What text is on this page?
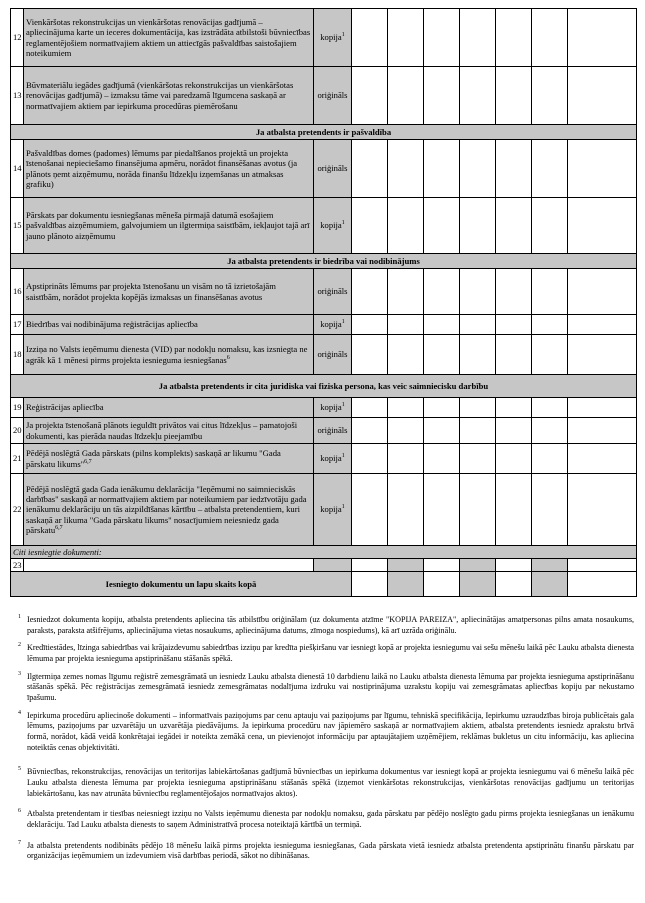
12	Vienkāršotas rekonstrukcijas un vienkāršotas renovācijas gadījumā – apliecinājuma karte un ieceres dokumentācija, kas izstrādāta atbilstoši būvniecības reglamentējošiem normatīvajiem aktiem un attiecīgās pašvaldības saistošajiem noteikumiem	kopija$^1$							
13	Būvmateriālu iegādes gadījumā (vienkāršotas rekonstrukcijas un vienkāršotas renovācijas gadījumā) – izmaksu tāme vai paredzamā līgumcena saskaņā ar normatīvajiem aktiem par iepirkuma procedūras piemērošanu	oriģināls							
Ja atbalsta pretendents ir pašvaldība									
14	Pašvaldības domes (padomes) lēmums par piedalīšanos projektā un projekta īstenošanai nepieciešamo finansējuma apmēru, norādot finansēšanas avotus (ja plānots ņemt aizņēmumu, norāda finanšu līdzekļu izņemšanas un atmaksas grafiku)	oriģināls							
15	Pārskats par dokumentu iesniegšanas mēneša pirmajā datumā esošajiem pašvaldības aizņēmumiem, galvojumiem un ilgtermiņa saistībām, iekļaujot tajā arī jauno plānoto aizņēmumu	kopija$^1$							
Ja atbalsta pretendents ir biedrība vai nodibinājums									
16	Apstiprināts lēmums par projekta īstenošanu un visām no tā izrietošajām saistībām, norādot projekta kopējās izmaksas un finansēšanas avotus	oriģināls							
17	Biedrības vai nodibinājuma reģistrācijas apliecība	kopija$^1$							
18	Izziņa no Valsts ieņēmumu dienesta (VID) par nodokļu nomaksu, kas izsniegta ne agrāk kā 1 mēnesi pirms projekta iesnieguma iesniegšanas$^6$	oriģināls							
Ja atbalsta pretendents ir cita juridiska vai fiziska persona, kas veic saimniecisku darbību									
19	Reģistrācijas apliecība	kopija$^1$							
20	Ja projekta īstenošanā plānots ieguldīt privātos vai citus līdzekļus – pamatojoši dokumenti, kas pierāda naudas līdzekļu pieejamību	oriģināls							
21	Pēdējā noslēgtā Gada pārskats (pilns komplekts) saskaņā ar likumu "Gada pārskatu likums"$^{6,7}$	kopija$^1$							
22	Pēdējā noslēgtā gada Gada ienākumu deklarācija "Ieņēmumi no saimnieciskās darbības" saskaņā ar normatīvajiem aktiem par noteikumiem par iedzīvotāju gada ienākumu deklarāciju un tās aizpildīšanas kārtību – atbalsta pretendentiem, kuri saskaņā ar likuma "Gada pārskatu likums" nosacījumiem neiesniedz gada pārskatu$^{6,7}$	kopija$^1$							
Citi iesniegtie dokumenti:									
23									
Iesniegto dokumentu un lapu skaits kopā									
1 Iesniedzot dokumenta kopiju, atbalsta pretendents apliecina tās atbilstību oriģinālam (uz dokumenta atzīme "KOPIJA PAREIZA", apliecinātājas amatpersonas pilns amata nosaukums, paraksts, paraksta atšifrējums, apliecinājuma vietas nosaukums, apliecinājuma datums, zīmoga nospiedums), kā arī uzrāda oriģinālu.
2 Kredītiestādes, līzinga sabiedrības vai krājaizdevumu sabiedrības izziņu par kredīta piešķiršanu var iesniegt kopā ar projekta iesniegumu vai sešu mēnešu laikā pēc Lauku atbalsta dienesta lēmuma par projekta iesnieguma apstiprināšanu stāšanās spēkā.
3 Ilgtermiņa zemes nomas līgumu reģistrē zemesgrāmatā un iesniedz Lauku atbalsta dienestā 10 darbdienu laikā no Lauku atbalsta dienesta lēmuma par projekta iesnieguma apstiprināšanu stāšanās spēkā. Pēc reģistrācijas zemesgrāmatā iesniedz zemesgrāmatas nodalījuma izdruku vai nostiprinājuma uzrakstu kopiju vai zemesgrāmatas apliecības kopiju par nekustamo īpašumu.
4 Iepirkuma procedūru apliecinoše dokumenti – informatīvais paziņojums par cenu aptauju vai paziņojums par līgumu, tehniskā specifikācija, Iepirkumu uzraudzības biroja publicētais gala lēmums, paziņojums par uzvarētāju un uzvarētāja piedāvājums. Ja iepirkuma procedūru nav jāpiemēro saskaņā ar normatīvajiem aktiem, atbalsta pretendents iesniedz aprakstu brīvā formā, norādot, kādā veidā konkrētajai iegādei ir noteikta zemākā cena, un pievienojot informāciju par aptaujātajiem uzņēmējiem, reklāmas bukletus un citu informāciju, kas apliecina noteiktās cenas objektivitāti.
5 Būvniecības, rekonstrukcijas, renovācijas un teritorijas labiekārtošanas gadījumā būvniecības un iepirkuma dokumentus var iesniegt kopā ar projekta iesniegumu vai 6 mēnešu laikā pēc Lauku atbalsta dienesta lēmuma par projekta iesnieguma apstiprināšanu stāšanās spēkā (izņemot vienkāršotas rekonstrukcijas, vienkāršotas renovācijas gadījumu un teritorijas labiekārtošanu, kas nav atrunāta būvniecību reglamentējošajos normatīvajos aktos).
6 Atbalsta pretendentam ir tiesības neiesniegt izziņu no Valsts ieņēmumu dienesta par nodokļu nomaksu, gada pārskatu par pēdējo noslēgto gadu pirms projekta iesniegšanas un ienākumu deklarāciju. Tad Lauku atbalsta dienests to saņem Administratīvā procesa noteiktajā kārtībā un termiņā.
7 Ja atbalsta pretendents nodibināts pēdējo 18 mēnešu laikā pirms projekta iesnieguma iesniegšanas, Gada pārskata vietā iesniedz atbalsta pretendenta apstiprinātu finanšu pārskatu par organizācijas ieņēmumiem un izdevumiem visā darbības periodā, sākot no dibināšanas.
